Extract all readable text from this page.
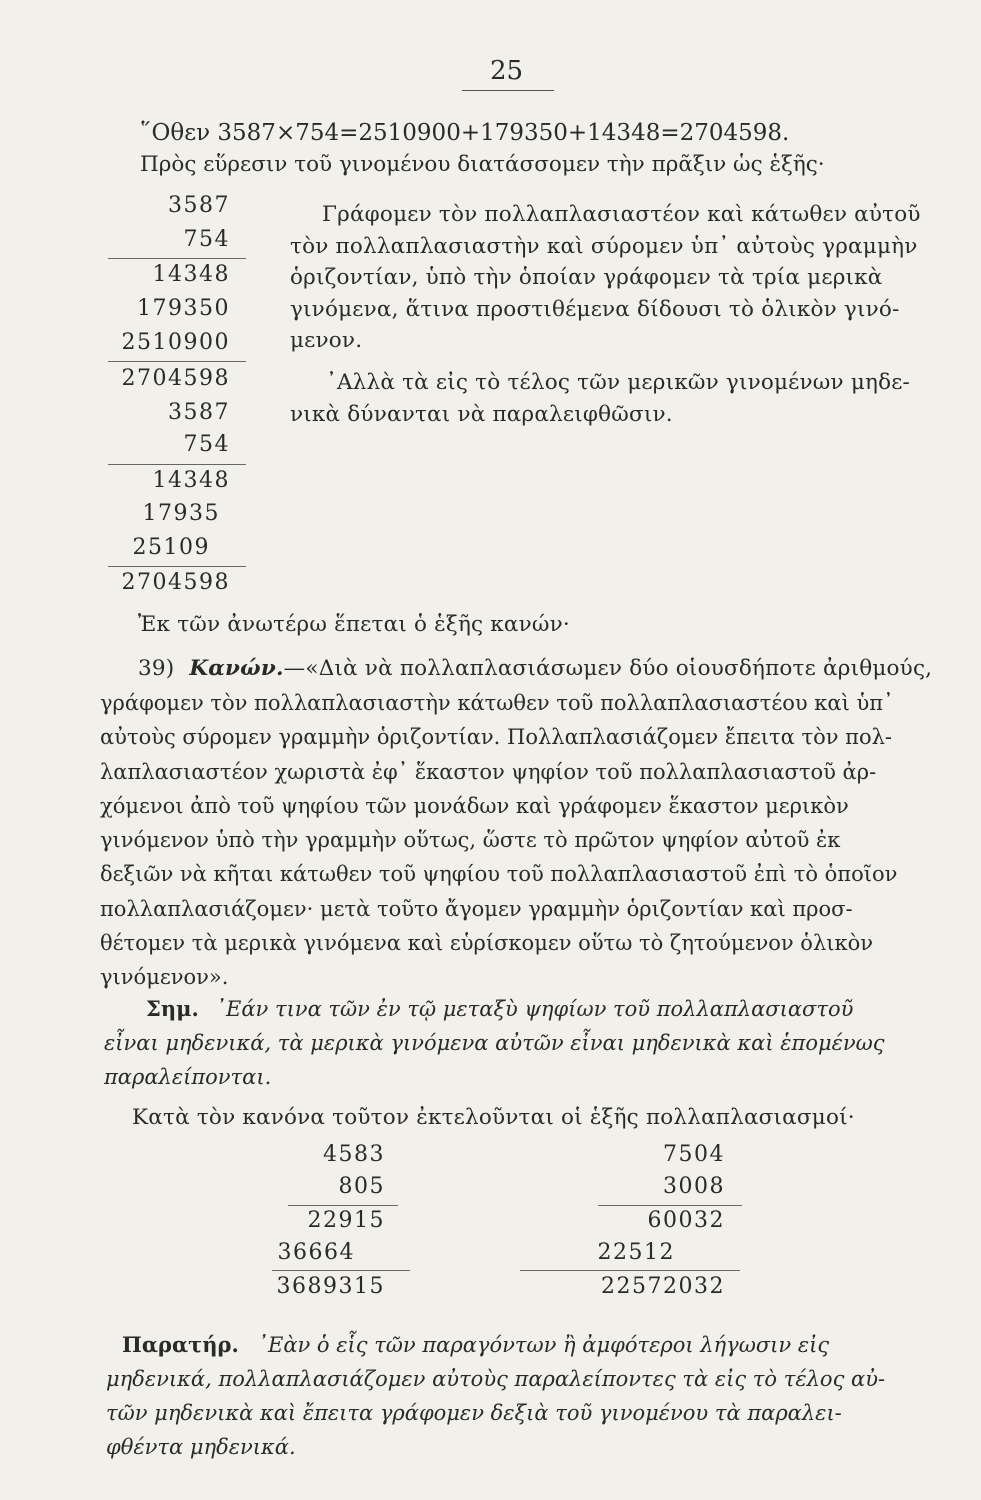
25
῞Οθεν 3587×754=2510900+179350+14348=2704598.
Πρὸς εὕρεσιν τοῦ γινομένου διατάσσομεν τὴν πρᾶξιν ὡς ἑξῆς·
3587
754
14348
179350
2510900
2704598
3587
754
14348
17935
25109
2704598
Γράφομεν τὸν πολλαπλασιαστέον καὶ κάτωθεν αὐτοῦ
τὸν πολλαπλασιαστὴν καὶ σύρομεν ὑπ᾽ αὐτοὺς γραμμὴν
ὁριζοντίαν, ὑπὸ τὴν ὁποίαν γράφομεν τὰ τρία μερικὰ
γινόμενα, ἅτινα προστιθέμενα δίδουσι τὸ ὁλικὸν γινό-
μενον.
᾽Αλλὰ τὰ εἰς τὸ τέλος τῶν μερικῶν γινομένων μηδε-
νικὰ δύνανται νὰ παραλειφθῶσιν.
Ἐκ τῶν ἀνωτέρω ἕπεται ὁ ἑξῆς κανών·
39) Κανών.—«Διὰ νὰ πολλαπλασιάσωμεν δύο οἱουσδήποτε ἀριθμούς,
γράφομεν τὸν πολλαπλασιαστὴν κάτωθεν τοῦ πολλαπλασιαστέου καὶ ὑπ᾽
αὐτοὺς σύρομεν γραμμὴν ὁριζοντίαν. Πολλαπλασιάζομεν ἔπειτα τὸν πολ-
λαπλασιαστέον χωριστὰ ἐφ᾽ ἕκαστον ψηφίον τοῦ πολλαπλασιαστοῦ ἀρ-
χόμενοι ἀπὸ τοῦ ψηφίου τῶν μονάδων καὶ γράφομεν ἕκαστον μερικὸν
γινόμενον ὑπὸ τὴν γραμμὴν οὕτως, ὥστε τὸ πρῶτον ψηφίον αὐτοῦ ἐκ
δεξιῶν νὰ κῆται κάτωθεν τοῦ ψηφίου τοῦ πολλαπλασιαστοῦ ἐπὶ τὸ ὁποῖον
πολλαπλασιάζομεν· μετὰ τοῦτο ἄγομεν γραμμὴν ὁριζοντίαν καὶ προσ-
θέτομεν τὰ μερικὰ γινόμενα καὶ εὑρίσκομεν οὕτω τὸ ζητούμενον ὁλικὸν
γινόμενον».
Σημ. ᾽Εάν τινα τῶν ἐν τῷ μεταξὺ ψηφίων τοῦ πολλαπλασιαστοῦ
εἶναι μηδενικά, τὰ μερικὰ γινόμενα αὐτῶν εἶναι μηδενικὰ καὶ ἑπομένως
παραλείπονται.
Κατὰ τὸν κανόνα τοῦτον ἐκτελοῦνται οἱ ἑξῆς πολλαπλασιασμοί·
4583
805
22915
36664
3689315
7504
3008
60032
22512
22572032
Παρατήρ. ᾽Εὰν ὁ εἷς τῶν παραγόντων ἢ ἀμφότεροι λήγωσιν εἰς
μηδενικά, πολλαπλασιάζομεν αὐτοὺς παραλείποντες τὰ εἰς τὸ τέλος αὐ-
τῶν μηδενικὰ καὶ ἔπειτα γράφομεν δεξιὰ τοῦ γινομένου τὰ παραλει-
φθέντα μηδενικά.
